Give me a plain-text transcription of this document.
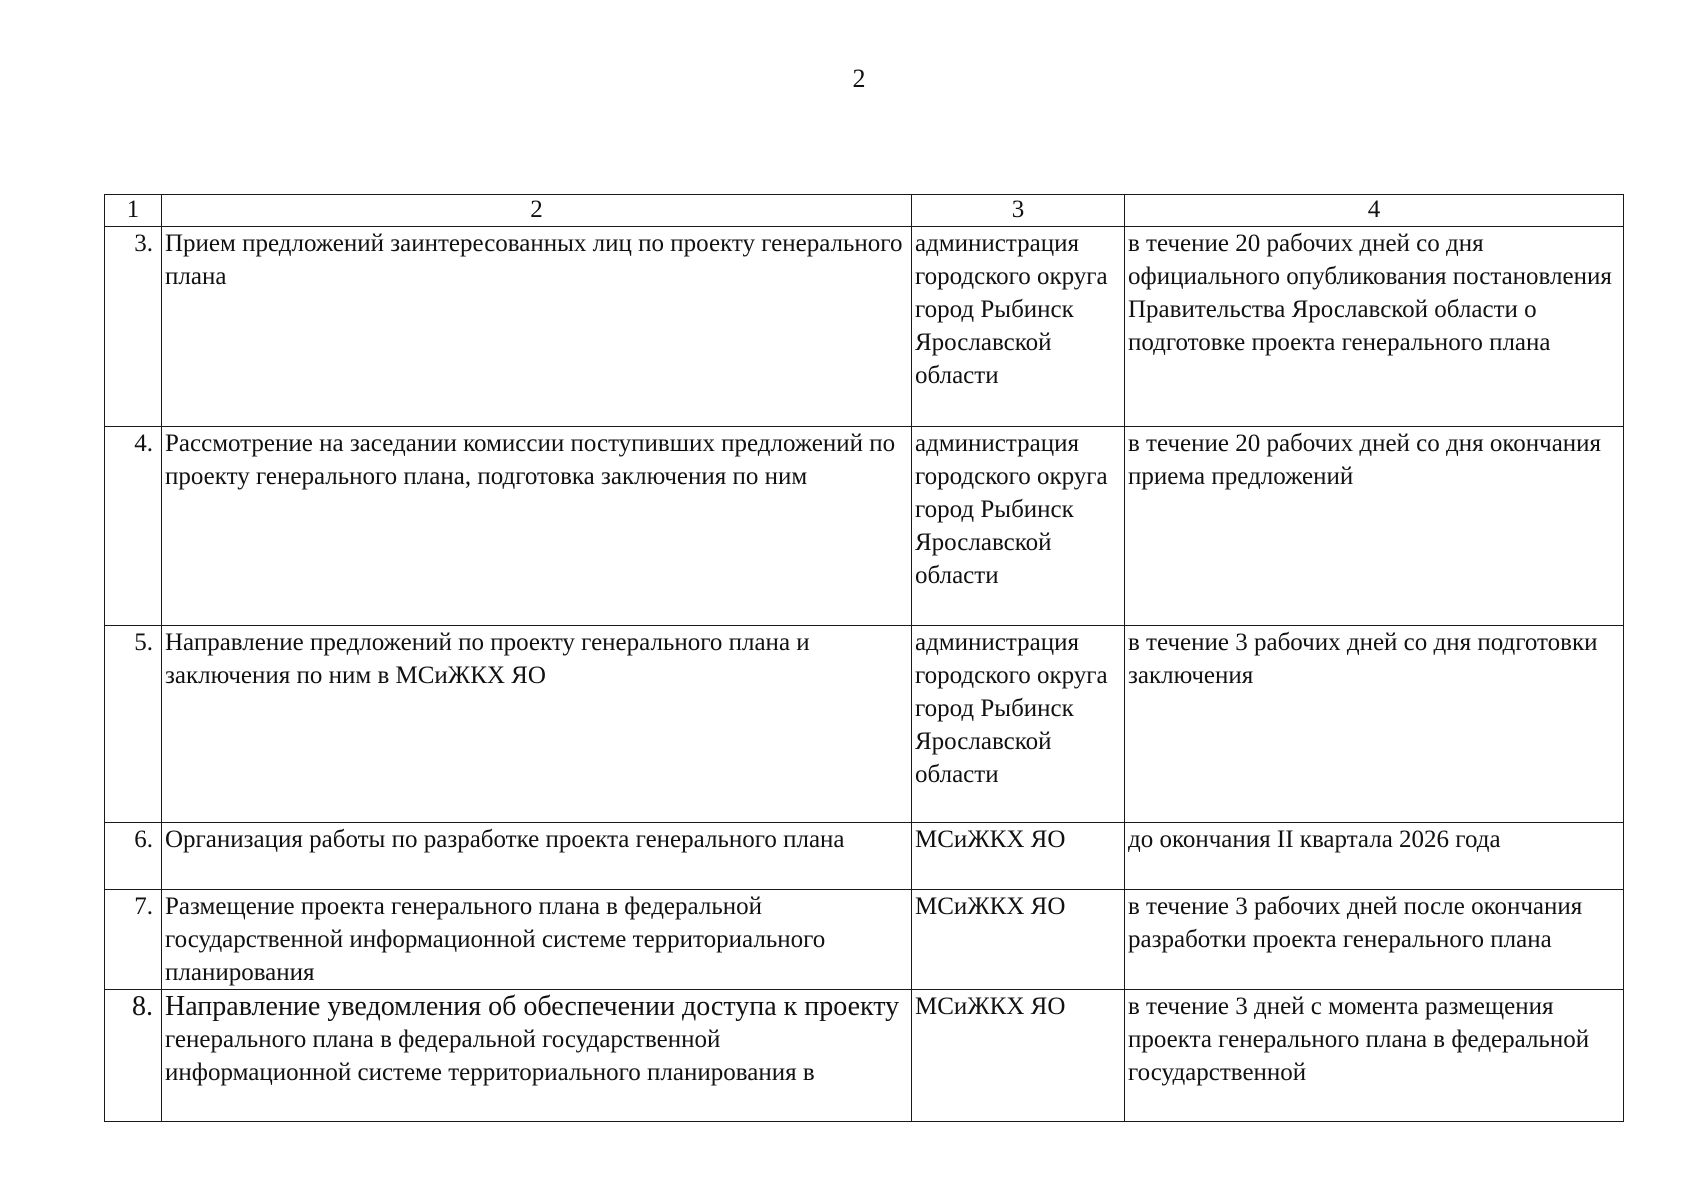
2
1	2	3	4
3.	Прием предложений заинтересованных лиц по проекту генерального плана	администрация городского округа город Рыбинск Ярославской области	в течение 20 рабочих дней со дня официального опубликования постановления Правительства Ярославской области о подготовке проекта генерального плана
4.	Рассмотрение на заседании комиссии поступивших предложений по проекту генерального плана, подготовка заключения по ним	администрация городского округа город Рыбинск Ярославской области	в течение 20 рабочих дней со дня окончания приема предложений
5.	Направление предложений по проекту генерального плана и заключения по ним в МСиЖКХ ЯО	администрация городского округа город Рыбинск Ярославской области	в течение 3 рабочих дней со дня подготовки заключения
6.	Организация работы по разработке проекта генерального плана	МСиЖКХ ЯО	до окончания II квартала 2026 года
7.	Размещение проекта генерального плана в федеральной государственной информационной системе территориального планирования	МСиЖКХ ЯО	в течение 3 рабочих дней после окончания разработки проекта генерального плана
8.	Направление уведомления об обеспечении доступа к проекту генерального плана в федеральной государственной информационной системе территориального планирования в	МСиЖКХ ЯО	в течение 3 дней с момента размещения проекта генерального плана в федеральной государственной
